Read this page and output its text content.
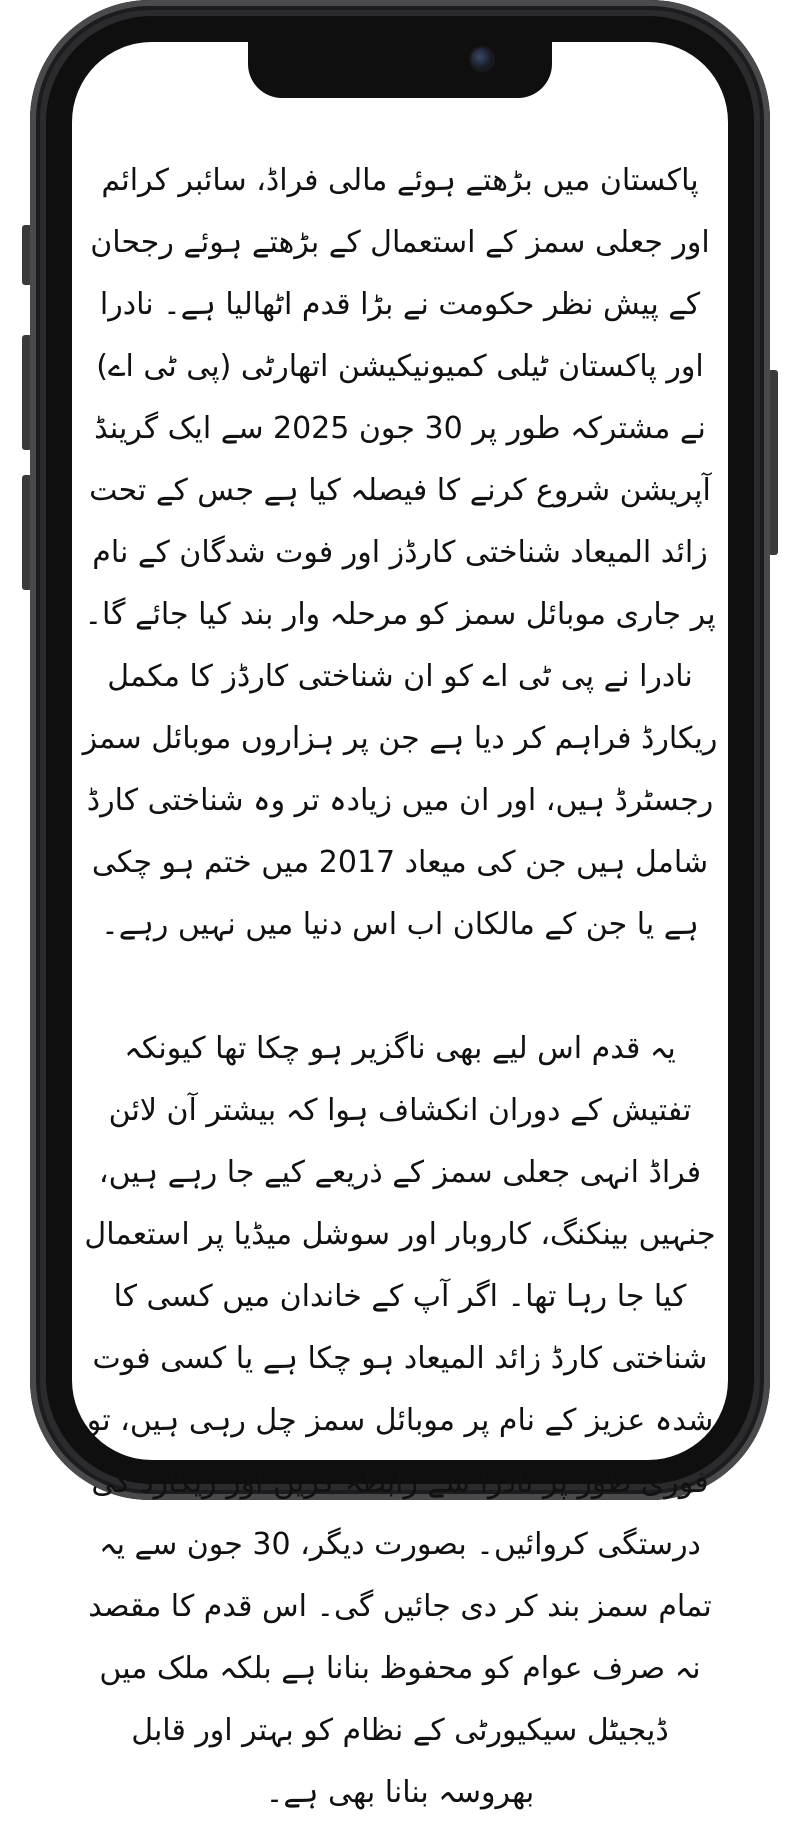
پاکستان میں بڑھتے ہوئے مالی فراڈ، سائبر کرائم اور جعلی سمز کے استعمال کے بڑھتے ہوئے رجحان کے پیش نظر حکومت نے بڑا قدم اٹھالیا ہے۔ نادرا اور پاکستان ٹیلی کمیونیکیشن اتھارٹی (پی ٹی اے) نے مشترکہ طور پر 30 جون 2025 سے ایک گرینڈ آپریشن شروع کرنے کا فیصلہ کیا ہے جس کے تحت زائد المیعاد شناختی کارڈز اور فوت شدگان کے نام پر جاری موبائل سمز کو مرحلہ وار بند کیا جائے گا۔ نادرا نے پی ٹی اے کو ان شناختی کارڈز کا مکمل ریکارڈ فراہم کر دیا ہے جن پر ہزاروں موبائل سمز رجسٹرڈ ہیں، اور ان میں زیادہ تر وہ شناختی کارڈ شامل ہیں جن کی میعاد 2017 میں ختم ہو چکی ہے یا جن کے مالکان اب اس دنیا میں نہیں رہے۔

یہ قدم اس لیے بھی ناگزیر ہو چکا تھا کیونکہ تفتیش کے دوران انکشاف ہوا کہ بیشتر آن لائن فراڈ انہی جعلی سمز کے ذریعے کیے جا رہے ہیں، جنہیں بینکنگ، کاروبار اور سوشل میڈیا پر استعمال کیا جا رہا تھا۔ اگر آپ کے خاندان میں کسی کا شناختی کارڈ زائد المیعاد ہو چکا ہے یا کسی فوت شدہ عزیز کے نام پر موبائل سمز چل رہی ہیں، تو فوری طور پر نادرا سے رابطہ کریں اور ریکارڈ کی درستگی کروائیں۔ بصورت دیگر، 30 جون سے یہ تمام سمز بند کر دی جائیں گی۔ اس قدم کا مقصد نہ صرف عوام کو محفوظ بنانا ہے بلکہ ملک میں ڈیجیٹل سیکیورٹی کے نظام کو بہتر اور قابل بھروسہ بنانا بھی ہے۔
